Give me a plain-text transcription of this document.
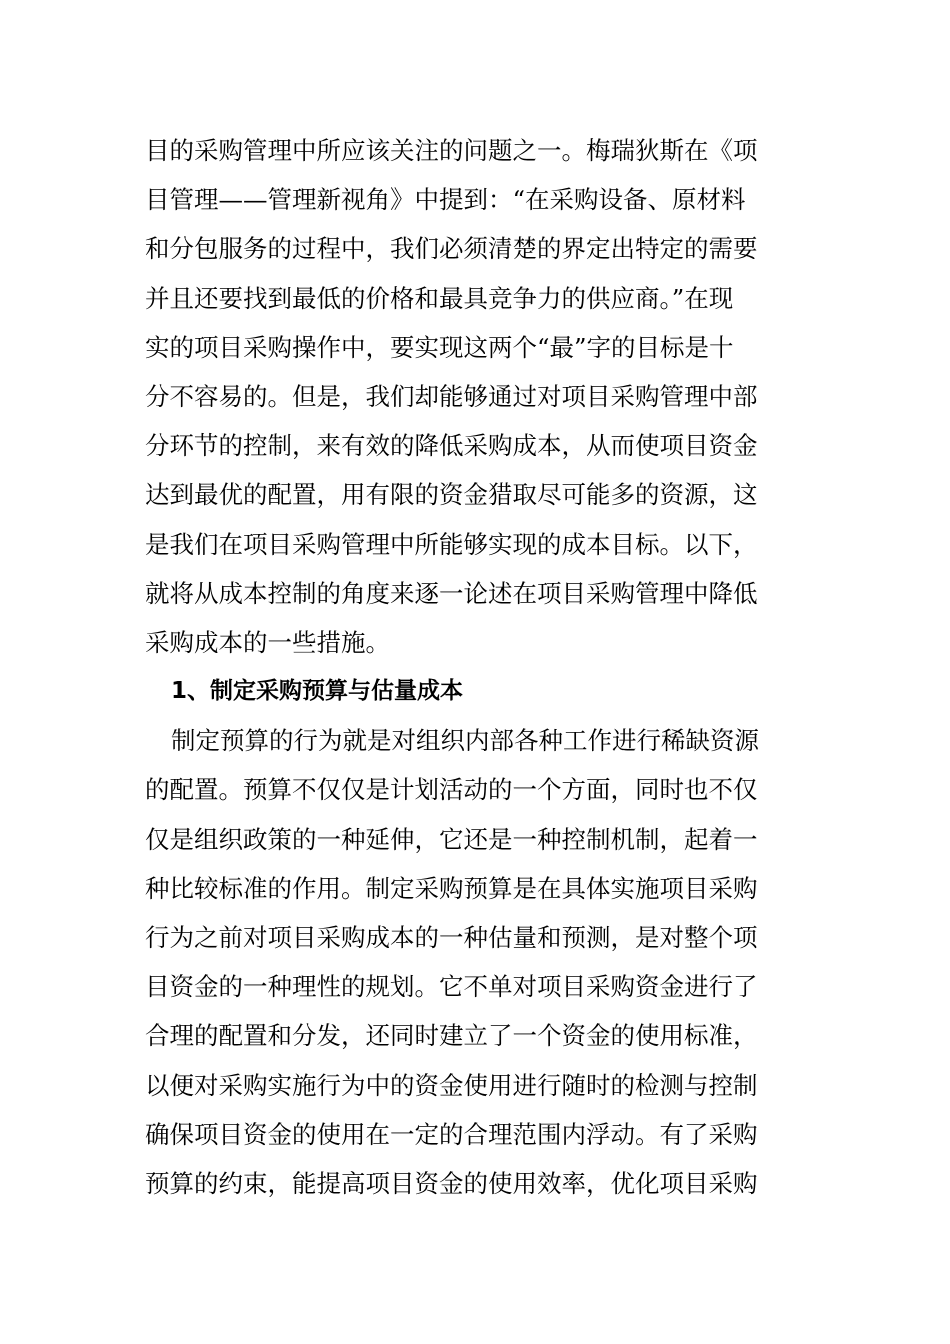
目的采购管理中所应该关注的问题之一。梅瑞狄斯在《项
目管理——管理新视角》中提到：“在采购设备、原材料
和分包服务的过程中，我们必须清楚的界定出特定的需要
并且还要找到最低的价格和最具竞争力的供应商。”在现
实的项目采购操作中，要实现这两个“最”字的目标是十
分不容易的。但是，我们却能够通过对项目采购管理中部
分环节的控制，来有效的降低采购成本，从而使项目资金
达到最优的配置，用有限的资金猎取尽可能多的资源，这
是我们在项目采购管理中所能够实现的成本目标。以下，
就将从成本控制的角度来逐一论述在项目采购管理中降低
采购成本的一些措施。
1、制定采购预算与估量成本
制定预算的行为就是对组织内部各种工作进行稀缺资源
的配置。预算不仅仅是计划活动的一个方面，同时也不仅
仅是组织政策的一种延伸，它还是一种控制机制，起着一
种比较标准的作用。制定采购预算是在具体实施项目采购
行为之前对项目采购成本的一种估量和预测，是对整个项
目资金的一种理性的规划。它不单对项目采购资金进行了
合理的配置和分发，还同时建立了一个资金的使用标准，
以便对采购实施行为中的资金使用进行随时的检测与控制
确保项目资金的使用在一定的合理范围内浮动。有了采购
预算的约束，能提高项目资金的使用效率，优化项目采购
